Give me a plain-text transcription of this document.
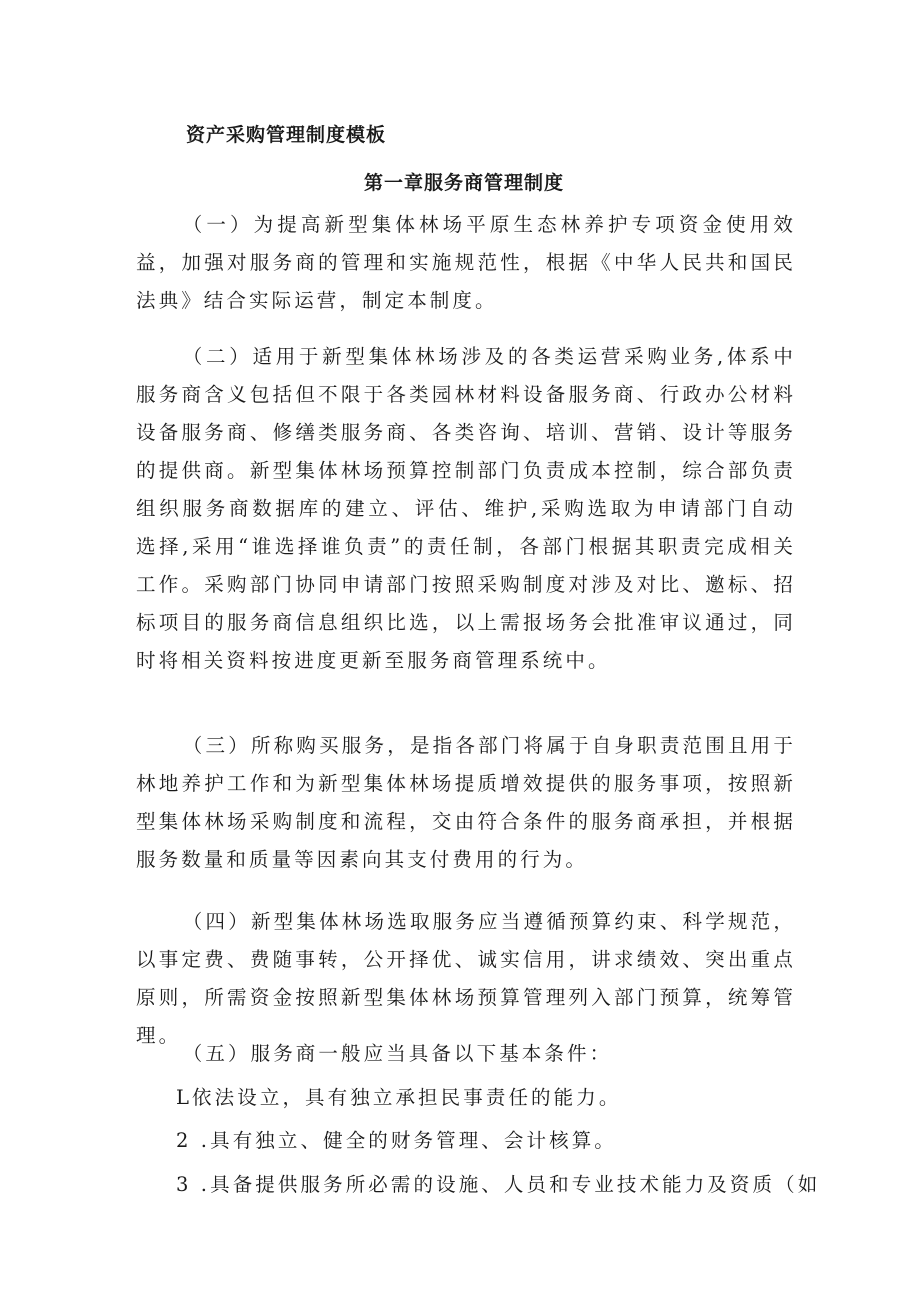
资产采购管理制度模板
第一章服务商管理制度

（一）为提高新型集体林场平原生态林养护专项资金使用效益，加强对服务商的管理和实施规范性，根据《中华人民共和国民法典》结合实际运营，制定本制度。

（二）适用于新型集体林场涉及的各类运营采购业务,体系中服务商含义包括但不限于各类园林材料设备服务商、行政办公材料设备服务商、修缮类服务商、各类咨询、培训、营销、设计等服务的提供商。新型集体林场预算控制部门负责成本控制，综合部负责组织服务商数据库的建立、评估、维护,采购选取为申请部门自动选择,采用“谁选择谁负责”的责任制，各部门根据其职责完成相关工作。采购部门协同申请部门按照采购制度对涉及对比、邀标、招标项目的服务商信息组织比选，以上需报场务会批准审议通过，同时将相关资料按进度更新至服务商管理系统中。

（三）所称购买服务，是指各部门将属于自身职责范围且用于林地养护工作和为新型集体林场提质增效提供的服务事项，按照新型集体林场采购制度和流程，交由符合条件的服务商承担，并根据服务数量和质量等因素向其支付费用的行为。

（四）新型集体林场选取服务应当遵循预算约束、科学规范，以事定费、费随事转，公开择优、诚实信用，讲求绩效、突出重点原则，所需资金按照新型集体林场预算管理列入部门预算，统筹管理。

（五）服务商一般应当具备以下基本条件：

L依法设立，具有独立承担民事责任的能力。

2 .具有独立、健全的财务管理、会计核算。

3 .具备提供服务所必需的设施、人员和专业技术能力及资质（如
